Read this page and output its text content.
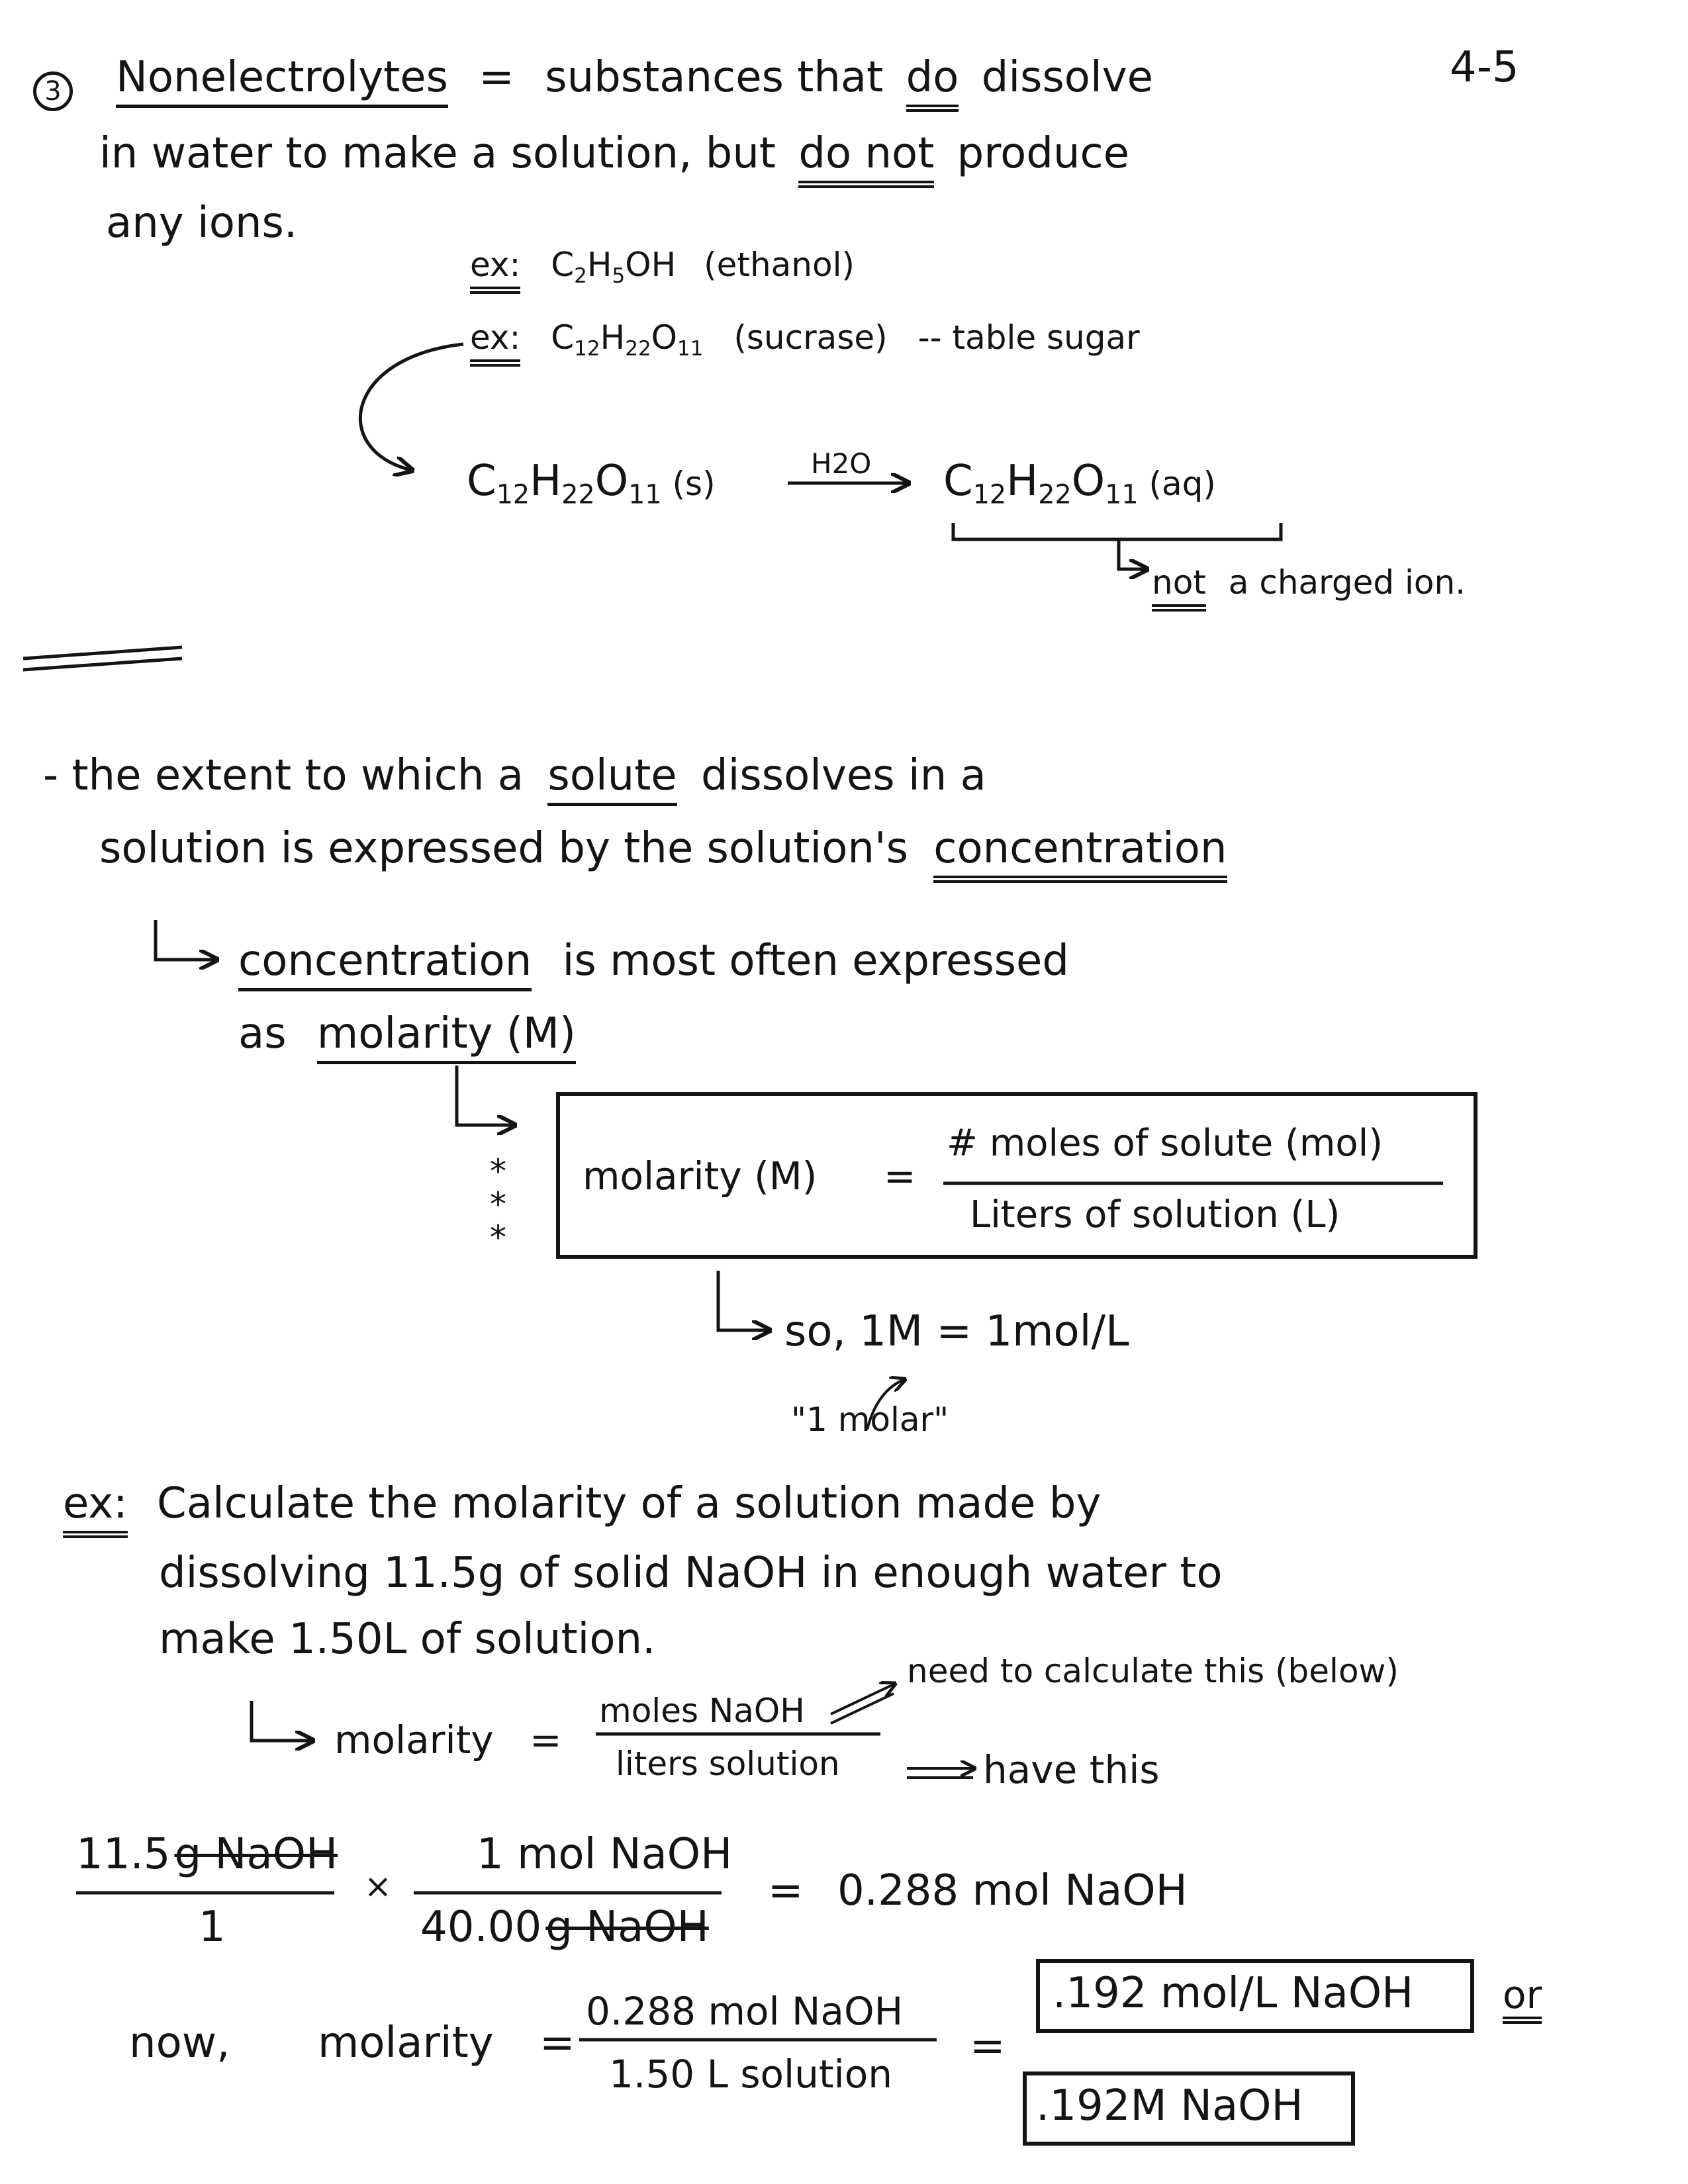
4-5
3 Nonelectrolytes = substances that do dissolve
in water to make a solution, but do not produce
any ions.
ex: $C_2H_5OH$ (ethanol)
ex: $C_{12}H_{22}O_{11}$ (sucrase) -- table sugar
$C_{12}H_{22}O_{11}$ (s)
H2O $C_{12}H_{22}O_{11}$ (aq)
not a charged ion.
- the extent to which a solute dissolves in a
solution is expressed by the solution's concentration
concentration is most often expressed
as molarity (M)
*
*
*
molarity (M) =
# moles of solute (mol)
Liters of solution (L)
so, 1M = 1mol/L
"1 molar"
ex: Calculate the molarity of a solution made by
dissolving 11.5g of solid NaOH in enough water to
make 1.50L of solution.
need to calculate this (below)
molarity =
moles NaOH
liters solution	have this
11.5g NaOH
1
×
1 mol NaOH
40.00g NaOH
= 0.288 mol NaOH
now, molarity =
0.288 mol NaOH
1.50 L solution
=
.192 mol/L NaOH or
.192M NaOH
